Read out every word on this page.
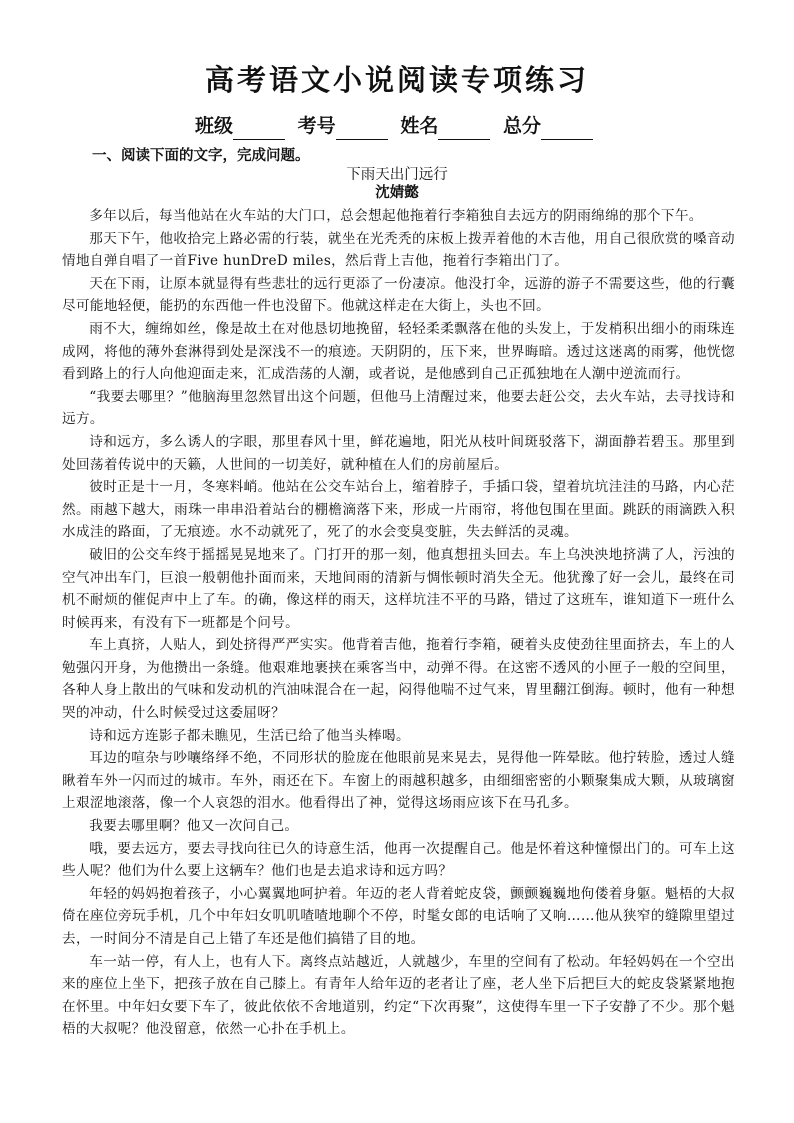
高考语文小说阅读专项练习
班级	考号	姓名	总分
一、阅读下面的文字，完成问题。
下雨天出门远行
沈婧懿

多年以后，每当他站在火车站的大门口，总会想起他拖着行李箱独自去远方的阴雨绵绵的那个下午。

那天下午，他收拾完上路必需的行装，就坐在光秃秃的床板上拨弄着他的木吉他，用自己很欣赏的嗓音动情地自弹自唱了一首Five hunDreD miles，然后背上吉他，拖着行李箱出门了。

天在下雨，让原本就显得有些悲壮的远行更添了一份凄凉。他没打伞，远游的游子不需要这些，他的行囊尽可能地轻便，能扔的东西他一件也没留下。他就这样走在大街上，头也不回。

雨不大，缠绵如丝，像是故土在对他恳切地挽留，轻轻柔柔飘落在他的头发上，于发梢积出细小的雨珠连成网，将他的薄外套淋得到处是深浅不一的痕迹。天阴阴的，压下来，世界晦暗。透过这迷离的雨雾，他恍惚看到路上的行人向他迎面走来，汇成浩荡的人潮，或者说，是他感到自己正孤独地在人潮中逆流而行。

“我要去哪里？”他脑海里忽然冒出这个问题，但他马上清醒过来，他要去赶公交，去火车站，去寻找诗和远方。

诗和远方，多么诱人的字眼，那里春风十里，鲜花遍地，阳光从枝叶间斑驳落下，湖面静若碧玉。那里到处回荡着传说中的天籁，人世间的一切美好，就种植在人们的房前屋后。

彼时正是十一月，冬寒料峭。他站在公交车站台上，缩着脖子，手插口袋，望着坑坑洼洼的马路，内心茫然。雨越下越大，雨珠一串串沿着站台的棚檐滴落下来，形成一片雨帘，将他包围在里面。跳跃的雨滴跌入积水成洼的路面，了无痕迹。水不动就死了，死了的水会变臭变脏，失去鲜活的灵魂。

破旧的公交车终于摇摇晃晃地来了。门打开的那一刻，他真想扭头回去。车上乌泱泱地挤满了人，污浊的空气冲出车门，巨浪一般朝他扑面而来，天地间雨的清新与惆怅顿时消失全无。他犹豫了好一会儿，最终在司机不耐烦的催促声中上了车。的确，像这样的雨天，这样坑洼不平的马路，错过了这班车，谁知道下一班什么时候再来，有没有下一班都是个问号。

车上真挤，人贴人，到处挤得严严实实。他背着吉他，拖着行李箱，硬着头皮使劲往里面挤去，车上的人勉强闪开身，为他攒出一条缝。他艰难地裹挟在乘客当中，动弹不得。在这密不透风的小匣子一般的空间里，各种人身上散出的气味和发动机的汽油味混合在一起，闷得他喘不过气来，胃里翻江倒海。顿时，他有一种想哭的冲动，什么时候受过这委屈呀？

诗和远方连影子都未瞧见，生活已给了他当头棒喝。

耳边的喧杂与吵嚷络绎不绝，不同形状的脸庞在他眼前晃来晃去，晃得他一阵晕眩。他拧转脸，透过人缝瞅着车外一闪而过的城市。车外，雨还在下。车窗上的雨越积越多，由细细密密的小颗聚集成大颗，从玻璃窗上艰涩地滚落，像一个人哀怨的泪水。他看得出了神，觉得这场雨应该下在马孔多。

我要去哪里啊？他又一次问自己。

哦，要去远方，要去寻找向往已久的诗意生活，他再一次提醒自己。他是怀着这种憧憬出门的。可车上这些人呢？他们为什么要上这辆车？他们也是去追求诗和远方吗？

年轻的妈妈抱着孩子，小心翼翼地呵护着。年迈的老人背着蛇皮袋，颤颤巍巍地佝偻着身躯。魁梧的大叔倚在座位旁玩手机，几个中年妇女叽叽喳喳地聊个不停，时髦女郎的电话响了又响……他从狭窄的缝隙里望过去，一时间分不清是自己上错了车还是他们搞错了目的地。

车一站一停，有人上，也有人下。离终点站越近，人就越少，车里的空间有了松动。年轻妈妈在一个空出来的座位上坐下，把孩子放在自己膝上。有青年人给年迈的老者让了座，老人坐下后把巨大的蛇皮袋紧紧地抱在怀里。中年妇女要下车了，彼此依依不舍地道别，约定“下次再聚”，这使得车里一下子安静了不少。那个魁梧的大叔呢？他没留意，依然一心扑在手机上。
